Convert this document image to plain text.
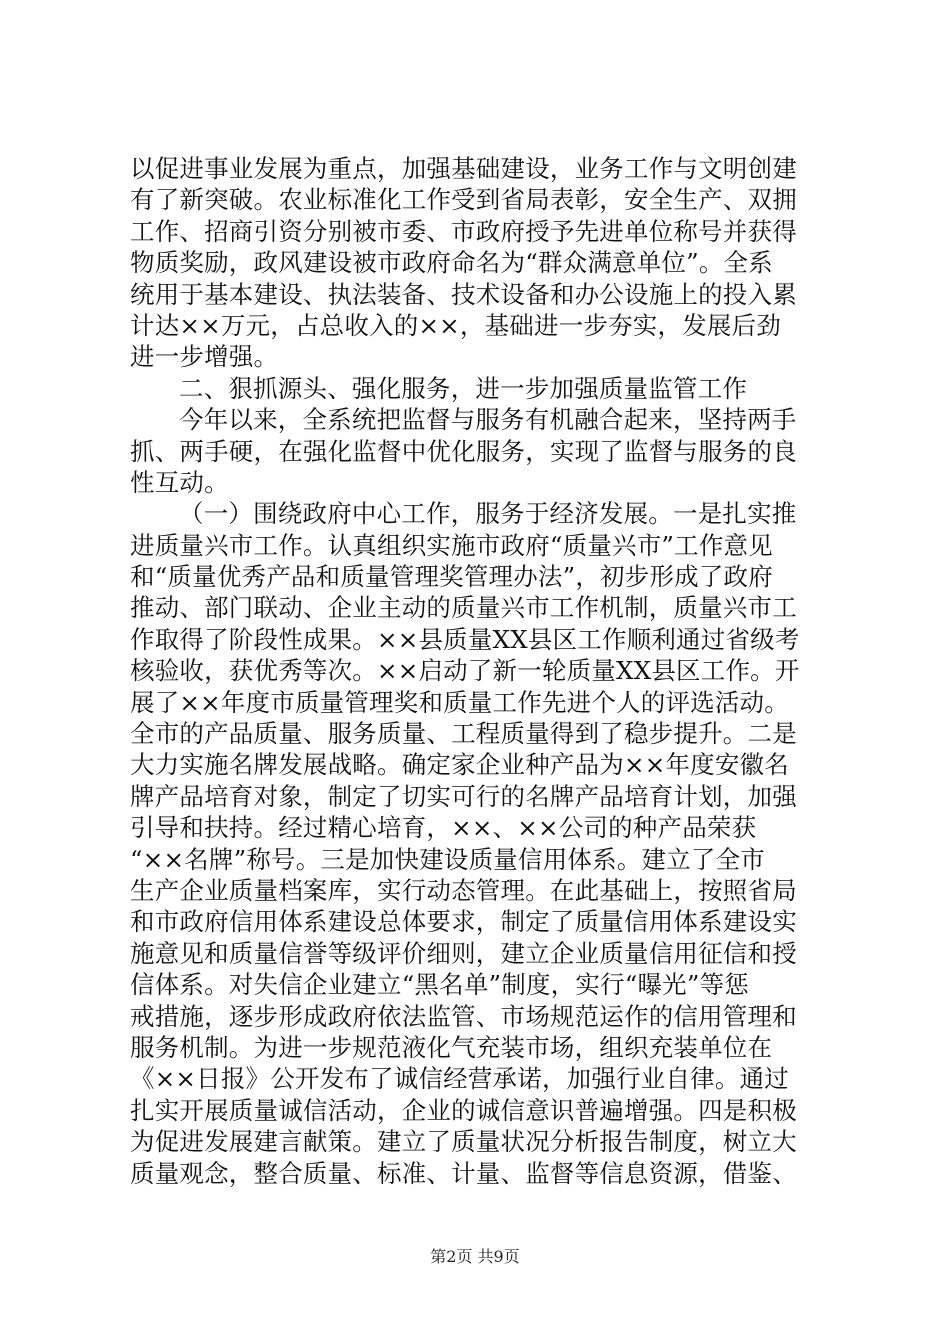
以促进事业发展为重点，加强基础建设，业务工作与文明创建
有了新突破。农业标准化工作受到省局表彰，安全生产、双拥
工作、招商引资分别被市委、市政府授予先进单位称号并获得
物质奖励，政风建设被市政府命名为“群众满意单位”。全系
统用于基本建设、执法装备、技术设备和办公设施上的投入累
计达××万元，占总收入的××，基础进一步夯实，发展后劲
进一步增强。
二、狠抓源头、强化服务，进一步加强质量监管工作
今年以来，全系统把监督与服务有机融合起来，坚持两手
抓、两手硬，在强化监督中优化服务，实现了监督与服务的良
性互动。
（一）围绕政府中心工作，服务于经济发展。一是扎实推
进质量兴市工作。认真组织实施市政府“质量兴市”工作意见
和“质量优秀产品和质量管理奖管理办法”，初步形成了政府
推动、部门联动、企业主动的质量兴市工作机制，质量兴市工
作取得了阶段性成果。××县质量XX县区工作顺利通过省级考
核验收，获优秀等次。××启动了新一轮质量XX县区工作。开
展了××年度市质量管理奖和质量工作先进个人的评选活动。
全市的产品质量、服务质量、工程质量得到了稳步提升。二是
大力实施名牌发展战略。确定家企业种产品为××年度安徽名
牌产品培育对象，制定了切实可行的名牌产品培育计划，加强
引导和扶持。经过精心培育，××、××公司的种产品荣获
“××名牌”称号。三是加快建设质量信用体系。建立了全市
生产企业质量档案库，实行动态管理。在此基础上，按照省局
和市政府信用体系建设总体要求，制定了质量信用体系建设实
施意见和质量信誉等级评价细则，建立企业质量信用征信和授
信体系。对失信企业建立“黑名单”制度，实行“曝光”等惩
戒措施，逐步形成政府依法监管、市场规范运作的信用管理和
服务机制。为进一步规范液化气充装市场，组织充装单位在
《××日报》公开发布了诚信经营承诺，加强行业自律。通过
扎实开展质量诚信活动，企业的诚信意识普遍增强。四是积极
为促进发展建言献策。建立了质量状况分析报告制度，树立大
质量观念，整合质量、标准、计量、监督等信息资源，借鉴、
第2页 共9页
